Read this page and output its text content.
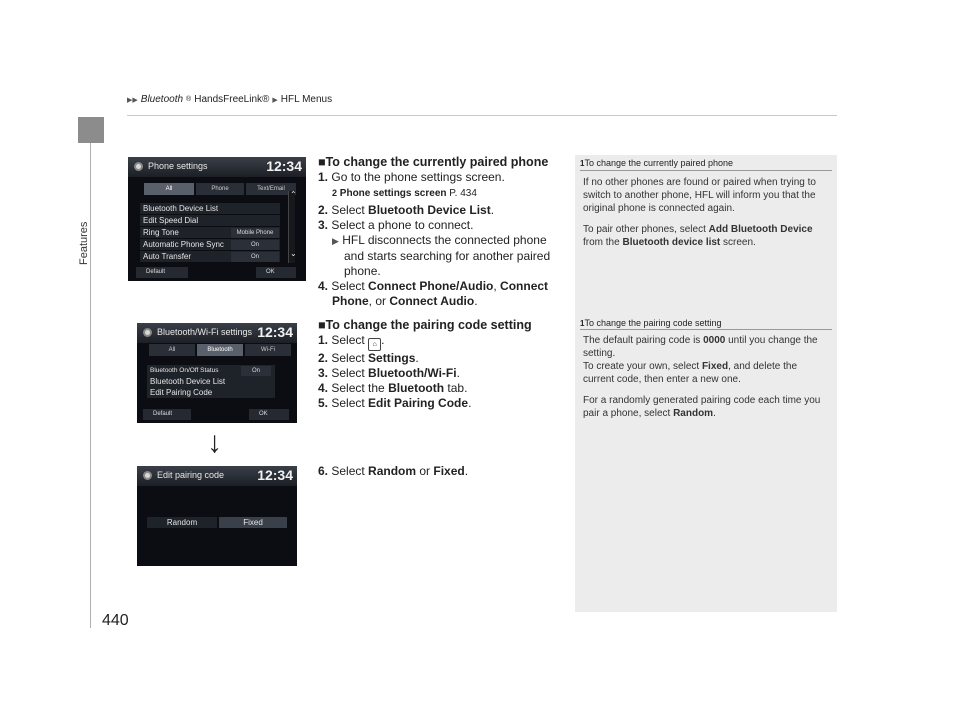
▶▶ Bluetooth ® HandsFreeLink® ▶ HFL Menus
Features
440
Phone settings	12:34
All	Phone	Text/Email
Bluetooth Device List
Edit Speed Dial
Ring Tone	Mobile Phone
Automatic Phone Sync	On
Auto Transfer	On
⌃
⌄
Default	OK
Bluetooth/Wi-Fi settings 12:34
All	Bluetooth	Wi-Fi
Bluetooth On/Off Status	On
Bluetooth Device List
Edit Pairing Code
Default	OK
↓
Edit pairing code 12:34
Random	Fixed
■To change the currently paired phone
1. Go to the phone settings screen.
2 Phone settings screen P. 434
2. Select Bluetooth Device List.
3. Select a phone to connect.
▶ HFL disconnects the connected phone
and starts searching for another paired
phone.
4. Select Connect Phone/Audio, Connect
Phone, or Connect Audio.
■To change the pairing code setting
1. Select ⌂ .
2. Select Settings.
3. Select Bluetooth/Wi-Fi.
4. Select the Bluetooth tab.
5. Select Edit Pairing Code.
6. Select Random or Fixed.
1To change the currently paired phone
If no other phones are found or paired when trying to
switch to another phone, HFL will inform you that the
original phone is connected again.
To pair other phones, select Add Bluetooth Device
from the Bluetooth device list screen.
1To change the pairing code setting
The default pairing code is 0000 until you change the
setting.
To create your own, select Fixed, and delete the
current code, then enter a new one.
For a randomly generated pairing code each time you
pair a phone, select Random.
